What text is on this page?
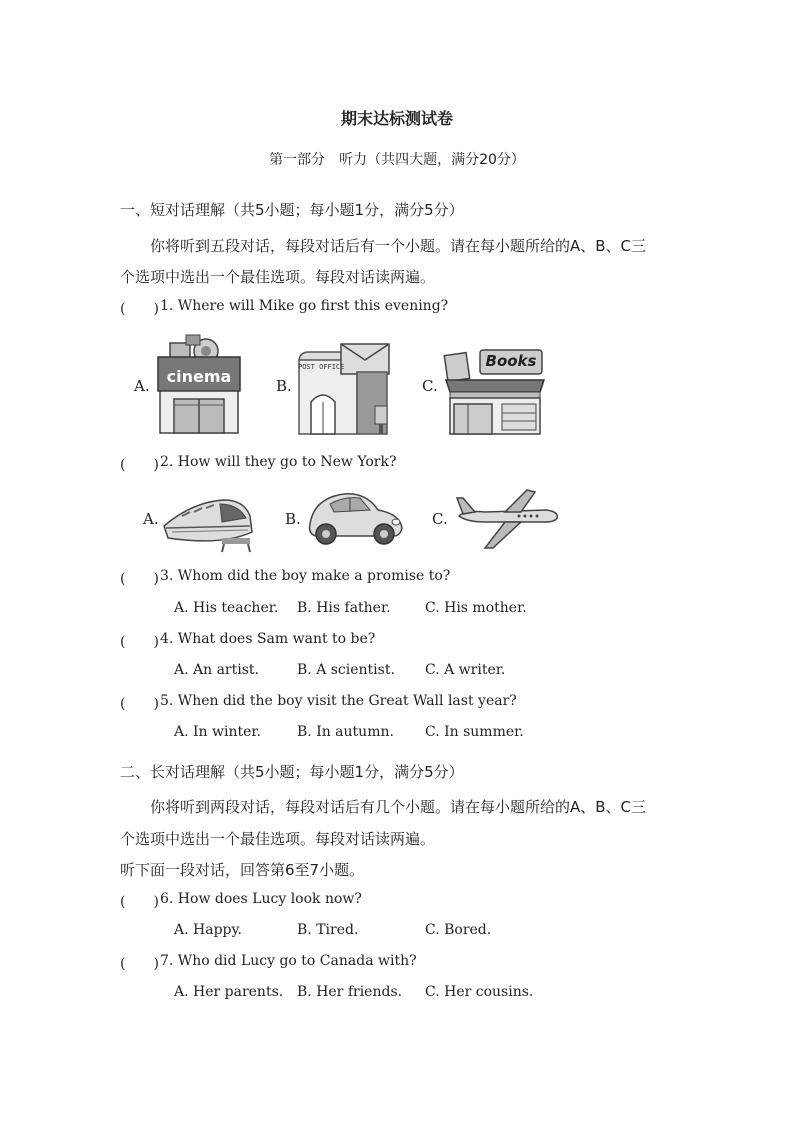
期末达标测试卷
第一部分　听力（共四大题，满分20分）
一、短对话理解（共5小题；每小题1分，满分5分）
你将听到五段对话，每段对话后有一个小题。请在每小题所给的A、B、C三
个选项中选出一个最佳选项。每段对话读两遍。
(　　) 1. Where will Mike go first this evening?
A.	cinema	B.
POST OFFICE
C.
Books
(　　) 2. How will they go to New York?
A.	B.	C.
(　　) 3. Whom did the boy make a promise to?
A. His teacher. B. His father. C. His mother.
(　　) 4. What does Sam want to be?
A. An artist.	B. A scientist. C. A writer.
(　　) 5. When did the boy visit the Great Wall last year?
A. In winter.	B. In autumn. C. In summer.
二、长对话理解（共5小题；每小题1分，满分5分）
你将听到两段对话，每段对话后有几个小题。请在每小题所给的A、B、C三
个选项中选出一个最佳选项。每段对话读两遍。
听下面一段对话，回答第6至7小题。
(　　) 6. How does Lucy look now?
A. Happy.	B. Tired.	C. Bored.
(　　) 7. Who did Lucy go to Canada with?
A. Her parents. B. Her friends. C. Her cousins.
